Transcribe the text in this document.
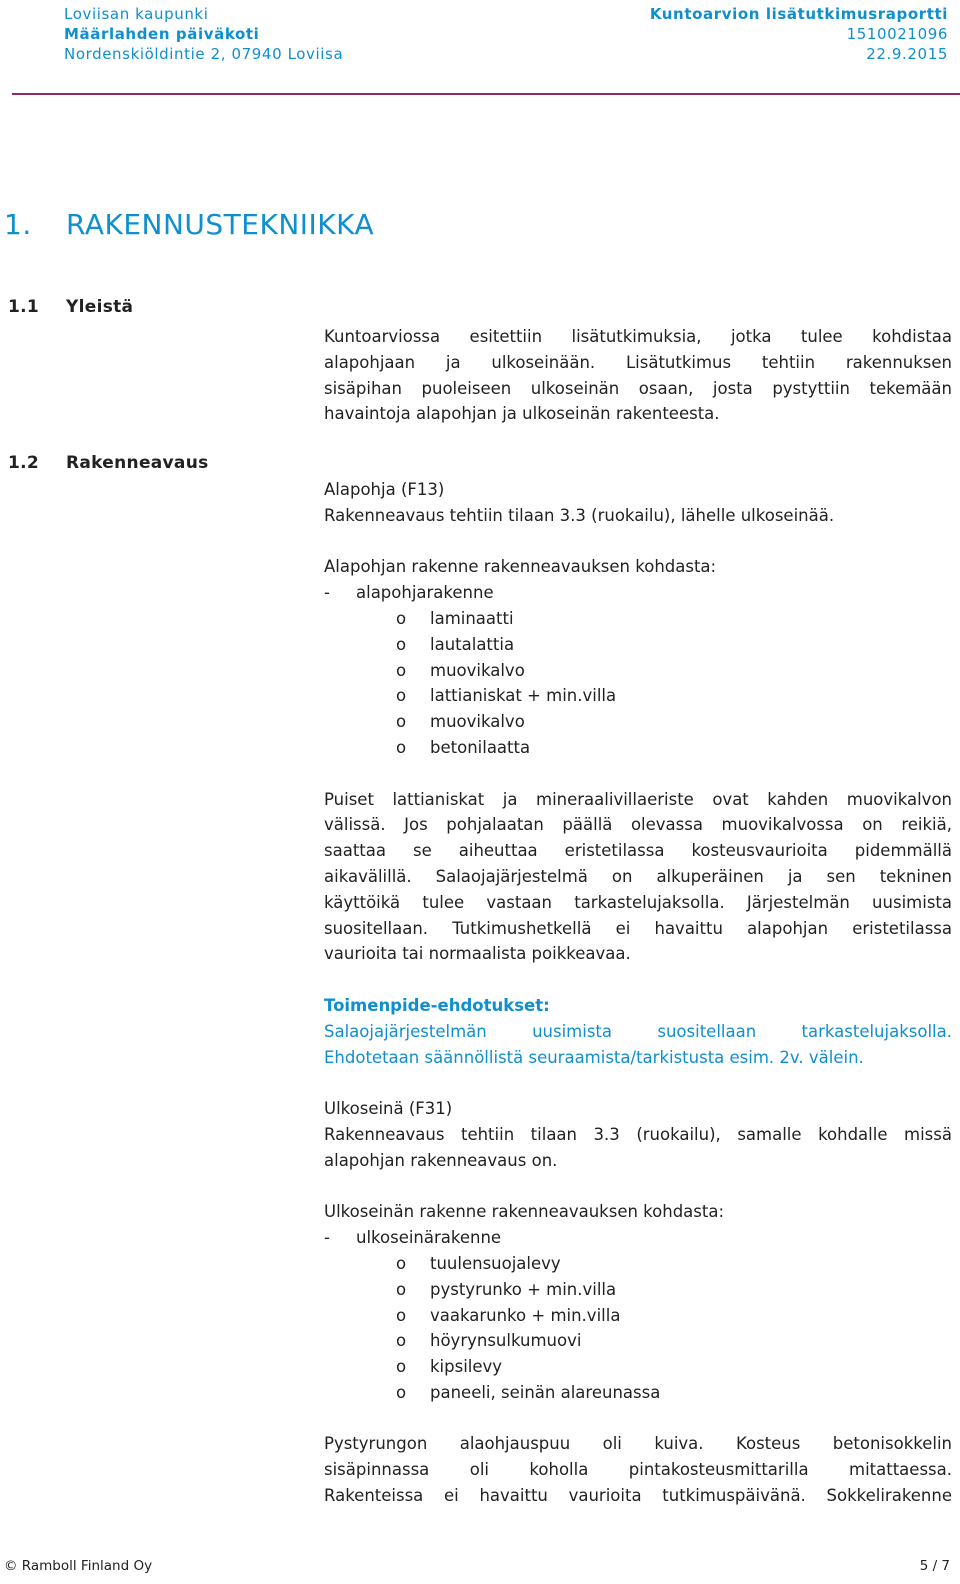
Loviisan kaupunki
Määrlahden päiväkoti
Nordenskiöldintie 2, 07940 Loviisa
Kuntoarvion lisätutkimusraportti
1510021096
22.9.2015
1. RAKENNUSTEKNIIKKA
1.1 Yleistä

Kuntoarviossa esitettiin lisätutkimuksia, jotka tulee kohdistaa

alapohjaan ja ulkoseinään. Lisätutkimus tehtiin rakennuksen

sisäpihan puoleiseen ulkoseinän osaan, josta pystyttiin tekemään

havaintoja alapohjan ja ulkoseinän rakenteesta.

1.2 Rakenneavaus

Alapohja (F13)

Rakenneavaus tehtiin tilaan 3.3 (ruokailu), lähelle ulkoseinää.

Alapohjan rakenne rakenneavauksen kohdasta:

-	alapohjarakenne
o	laminaatti
o	lautalattia
o	muovikalvo
o	lattianiskat + min.villa
o	muovikalvo
o	betonilaatta

Puiset lattianiskat ja mineraalivillaeriste ovat kahden muovikalvon

välissä. Jos pohjalaatan päällä olevassa muovikalvossa on reikiä,

saattaa se aiheuttaa eristetilassa kosteusvaurioita pidemmällä

aikavälillä. Salaojajärjestelmä on alkuperäinen ja sen tekninen

käyttöikä tulee vastaan tarkastelujaksolla. Järjestelmän uusimista

suositellaan. Tutkimushetkellä ei havaittu alapohjan eristetilassa

vaurioita tai normaalista poikkeavaa.

Toimenpide-ehdotukset:

Salaojajärjestelmän uusimista suositellaan tarkastelujaksolla.

Ehdotetaan säännöllistä seuraamista/tarkistusta esim. 2v. välein.

Ulkoseinä (F31)

Rakenneavaus tehtiin tilaan 3.3 (ruokailu), samalle kohdalle missä

alapohjan rakenneavaus on.

Ulkoseinän rakenne rakenneavauksen kohdasta:

-	ulkoseinärakenne
o	tuulensuojalevy
o	pystyrunko + min.villa
o	vaakarunko + min.villa
o	höyrynsulkumuovi
o	kipsilevy
o	paneeli, seinän alareunassa

Pystyrungon alaohjauspuu oli kuiva. Kosteus betonisokkelin

sisäpinnassa oli koholla pintakosteusmittarilla mitattaessa.

Rakenteissa ei havaittu vaurioita tutkimuspäivänä. Sokkelirakenne

© Ramboll Finland Oy	5 / 7
